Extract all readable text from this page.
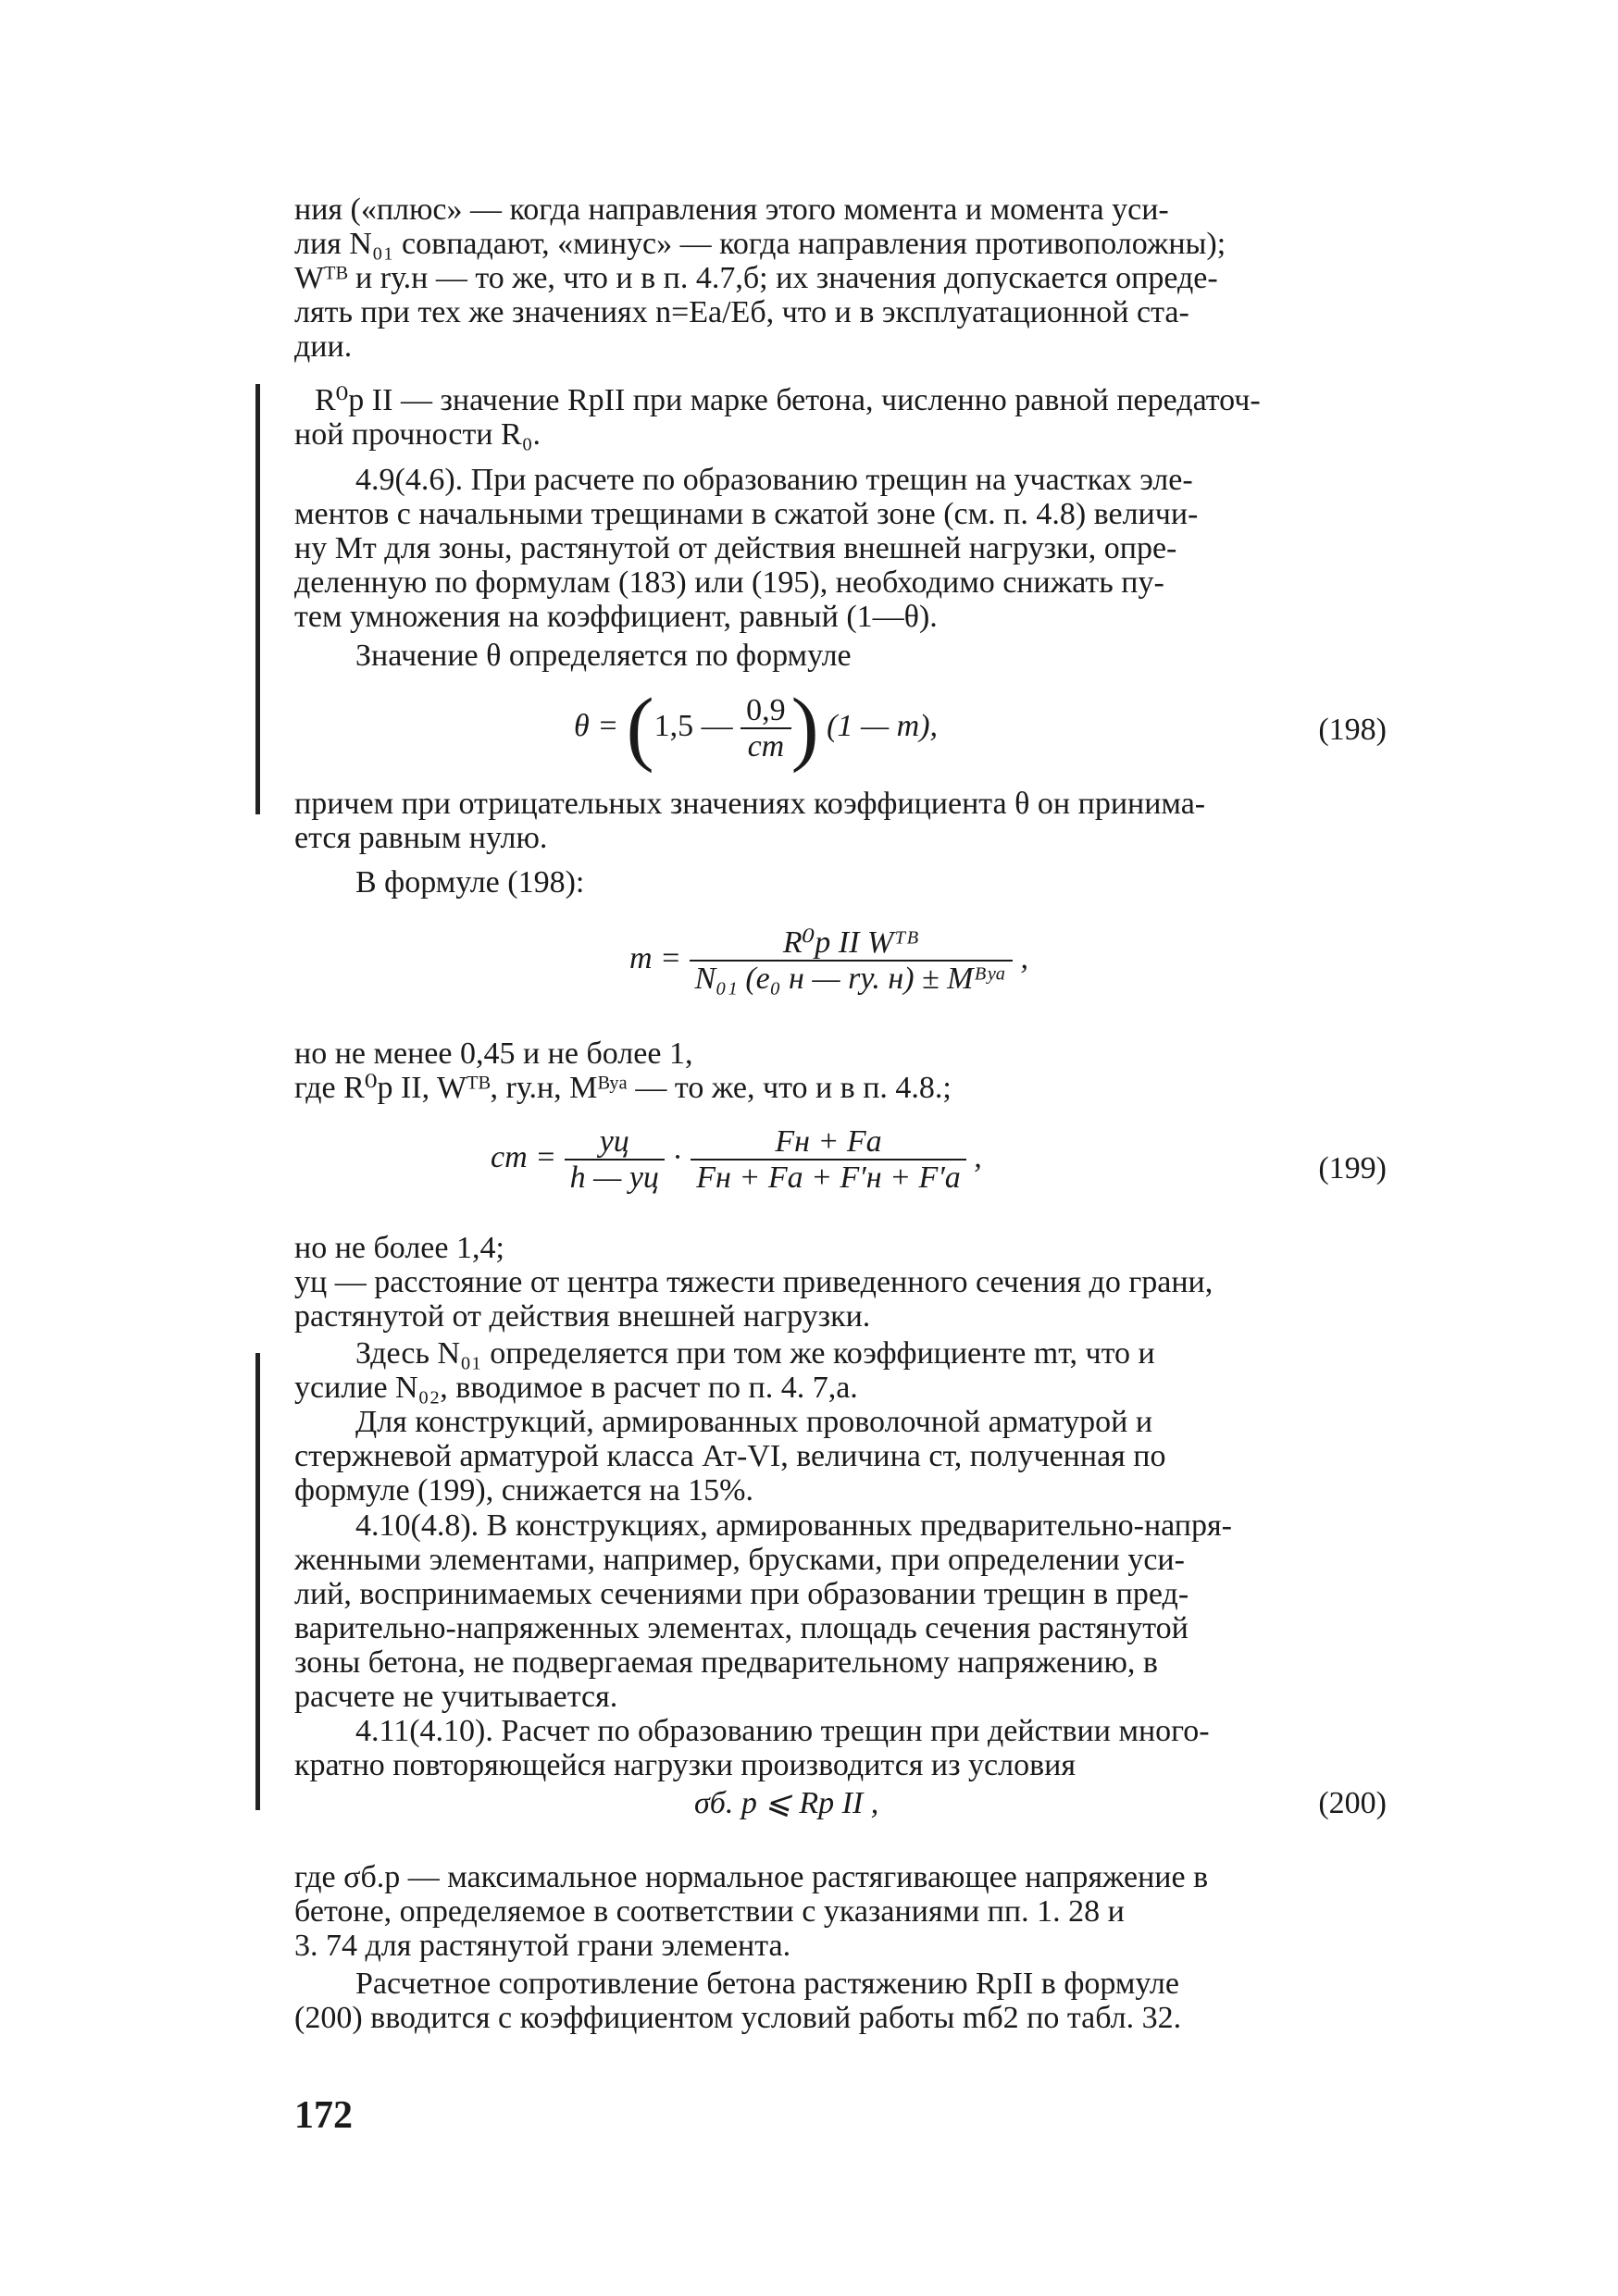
ния («плюс» — когда направления этого момента и момента уси-
лия N₀₁ совпадают, «минус» — когда направления противоположны);
Wᵀᴮ и rу.н — то же, что и в п. 4.7,б; их значения допускается опреде-
лять при тех же значениях n=Eа/Eб, что и в эксплуатационной ста-
дии.
R⁰р II — значение RpII при марке бетона, численно равной передаточ-
ной прочности R₀.
4.9(4.6). При расчете по образованию трещин на участках эле-
ментов с начальными трещинами в сжатой зоне (см. п. 4.8) величи-
ну Mт для зоны, растянутой от действия внешней нагрузки, опре-
деленную по формулам (183) или (195), необходимо снижать пу-
тем умножения на коэффициент, равный (1—θ).
Значение θ определяется по формуле
θ = (1,5 — $\frac{0,9}{cт}$ ) (1 — m),	(198)
причем при отрицательных значениях коэффициента θ он принима-
ется равным нулю.
В формуле (198):
$m = \frac{\text{R⁰р II Wᵀᴮ}}{\text{N₀₁ (e₀ н — rу. н) ± Mᴮʸᵃ}}$ ,
но не менее 0,45 и не более 1,
где R⁰р II, Wᵀᴮ, rу.н, Mᴮʸᵃ — то же, что и в п. 4.8.;
cт = $\frac{yц}{h — yц} \cdot \frac{Fн + Fа}{Fн + Fа + F'н + F'а}$ ,	(199)
но не более 1,4;
yц — расстояние от центра тяжести приведенного сечения до грани,
растянутой от действия внешней нагрузки.
Здесь N₀₁ определяется при том же коэффициенте mт, что и
усилие N₀₂, вводимое в расчет по п. 4. 7,а.
Для конструкций, армированных проволочной арматурой и
стержневой арматурой класса Ат-VI, величина cт, полученная по
формуле (199), снижается на 15%.
4.10(4.8). В конструкциях, армированных предварительно-напря-
женными элементами, например, брусками, при определении уси-
лий, воспринимаемых сечениями при образовании трещин в пред-
варительно-напряженных элементах, площадь сечения растянутой
зоны бетона, не подвергаемая предварительному напряжению, в
расчете не учитывается.
4.11(4.10). Расчет по образованию трещин при действии много-
кратно повторяющейся нагрузки производится из условия
σб. р ⩽ Rр II ,	(200)
где σб.р — максимальное нормальное растягивающее напряжение в
бетоне, определяемое в соответствии с указаниями пп. 1. 28 и
3. 74 для растянутой грани элемента.
Расчетное сопротивление бетона растяжению RpII в формуле
(200) вводится с коэффициентом условий работы mб2 по табл. 32.
172
